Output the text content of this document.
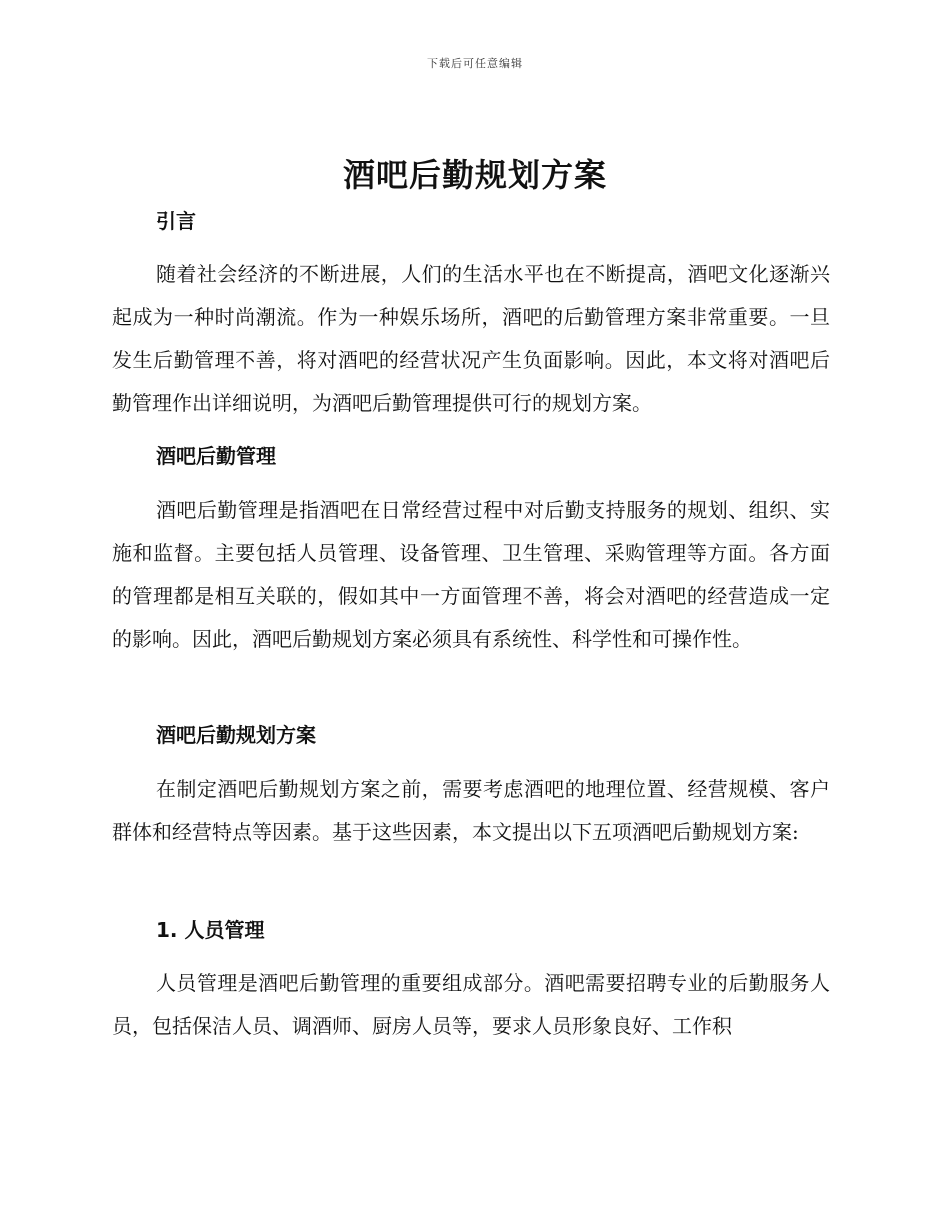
下载后可任意编辑
酒吧后勤规划方案
引言

随着社会经济的不断进展，人们的生活水平也在不断提高，酒吧文化逐渐兴起成为一种时尚潮流。作为一种娱乐场所，酒吧的后勤管理方案非常重要。一旦发生后勤管理不善，将对酒吧的经营状况产生负面影响。因此，本文将对酒吧后勤管理作出详细说明，为酒吧后勤管理提供可行的规划方案。

酒吧后勤管理

酒吧后勤管理是指酒吧在日常经营过程中对后勤支持服务的规划、组织、实施和监督。主要包括人员管理、设备管理、卫生管理、采购管理等方面。各方面的管理都是相互关联的，假如其中一方面管理不善，将会对酒吧的经营造成一定的影响。因此，酒吧后勤规划方案必须具有系统性、科学性和可操作性。

酒吧后勤规划方案

在制定酒吧后勤规划方案之前，需要考虑酒吧的地理位置、经营规模、客户群体和经营特点等因素。基于这些因素，本文提出以下五项酒吧后勤规划方案:

1. 人员管理

人员管理是酒吧后勤管理的重要组成部分。酒吧需要招聘专业的后勤服务人员，包括保洁人员、调酒师、厨房人员等，要求人员形象良好、工作积
